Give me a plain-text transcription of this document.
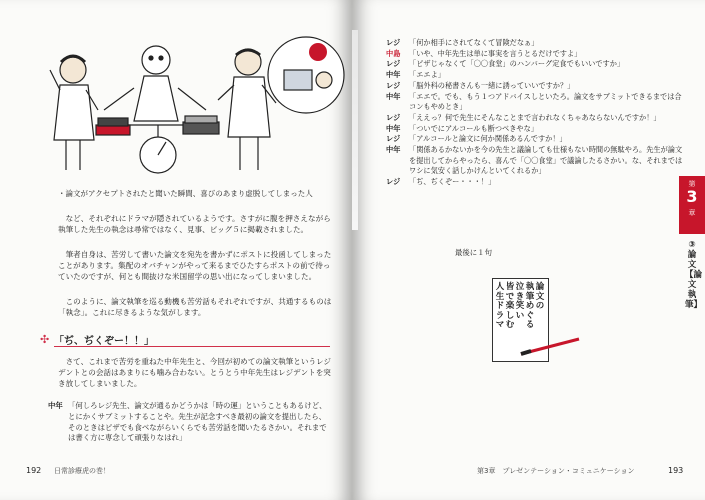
・論文がアクセプトされたと聞いた瞬間、喜びのあまり虚脱してしまった人

など、それぞれにドラマが隠されているようです。さすがに腹を押さえながら執筆した先生の執念は尋常ではなく、見事、ビッグ５に掲載されました。

筆者自身は、苦労して書いた論文を宛先を書かずにポストに投函してしまったことがあります。集配のオバチャンがやって来るまでひたすらポストの前で待っていたのですが、何とも間抜けな米国留学の思い出になってしまいました。

このように、論文執筆を巡る動機も苦労話もそれぞれですが、共通するものは「執念」。これに尽きるような気がします。

✣ 「ぢ、ぢくぞー！！」

さて、これまで苦労を重ねた中年先生と、今回が初めての論文執筆というレジデントとの会話はあまりにも噛み合わない。とうとう中年先生はレジデントを突き放してしまいました。

中年 「何しろレジ先生、論文が通るかどうかは「時の運」ということもあるけど、とにかくサブミットすることや。先生が記念すべき最初の論文を提出したら、そのときはピザでも食べながらいくらでも苦労話を聞いたるさかい。それまでは書く方に専念して頑張りなはれ」
192 日常診療虎の巻！
レジ	「何か相手にされてなくて冒険だなぁ」
中島	「いや、中年先生は単に事実を言うとるだけですよ」
レジ	「ピザじゃなくて「〇〇食堂」のハンバーグ定食でもいいですか」
中年	「エエよ」
レジ	「脳外科の秘書さんも一緒に誘っていいですか？」
中年	「エエで。でも、もう１つアドバイスしといたろ。論文をサブミットできるまでは合コンもやめとき」
レジ	「ええっ？何で先生にそんなことまで言われなくちゃあならないんですか！」
中年	「ついでにアルコールも断つべきやな」
レジ	「アルコールと論文に何か関係あるんですか！」
中年	「関係あるかないかを今の先生と議論しても仕様もない時間の無駄やろ。先生が論文を提出してからやったら、喜んで「〇〇食堂」で議論したるさかい。な、それまではワシに気安く話しかけんといてくれるか」
レジ	「ぢ、ぢくぞー・・・！」
最後に１句
論文の
執筆めぐる
泣き笑い
皆で楽しむ
人生ドラマ
第
3
章
③論文【論文執筆】
第3章　プレゼンテーション・コミュニケーション	193
